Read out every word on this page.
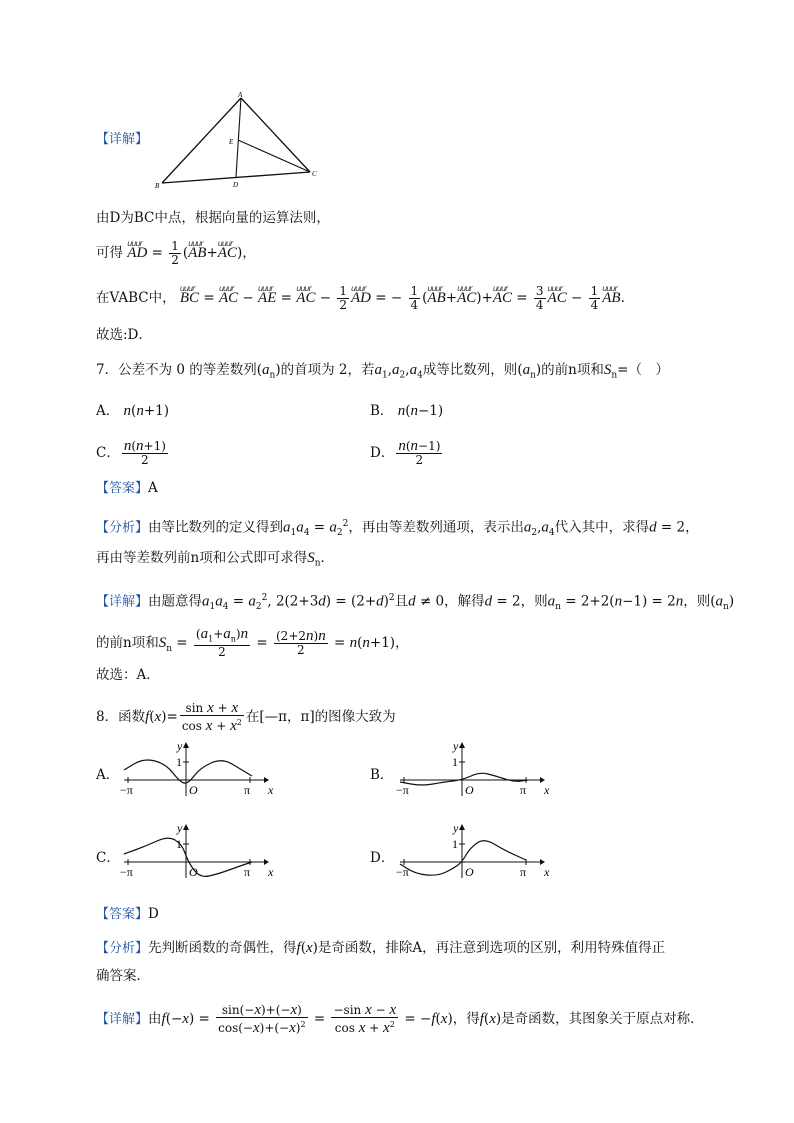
【详解】
A
B
C
D
E
由D为BC中点，根据向量的运算法则，
可得 uuur AD = $\frac{1}{2}$ (uuur AB+uuur AC)，
在VABC中， uuur BC = uuur AC − uuur AE = uuur AC − $\frac{1}{2}$ uuur AD = − $\frac{1}{4}$ (uuur AB+uuur AC)+uuur AC = $\frac{3}{4}$ uuur AC − $\frac{1}{4}$ uuur AB.
故选:D．
7．公差不为 0 的等差数列$(a_n)$的首项为 2，若$a_1,a_2,a_4$成等比数列，则$(a_n)$的前n项和$S_n=$（　）
A． n(n+1)	B． n(n−1)
C． $\frac{n(n+1)}{2}$	D． $\frac{n(n-1)}{2}$
【答案】A
【分析】由等比数列的定义得到$a_1a_4 = a_2^2$，再由等差数列通项，表示出$a_2,a_4$代入其中，求得d = 2，
再由等差数列前n项和公式即可求得$S_n$．
【详解】由题意得$a_1a_4 = a_2^2$, $2(2+3d) = (2+d)^2$且d ≠ 0，解得d = 2，则$a_n = 2+2(n-1) = 2n$，则$(a_n)$
的前n项和$S_n = \frac{(a_1+a_n)n}{2} = \frac{(2+2n)n}{2} = n(n+1)$，
故选：A．
8．函数$f(x)= \frac{\text{sin x + x}}{\cos x + x^2}$ 在[—π，π]的图像大致为
A．
y
x
1
O
−π	π
B．
y
x
1
O
−π	π
C．
y
x
1
O
−π	π
D．
y
x
1
O
−π	π
【答案】D
【分析】先判断函数的奇偶性，得f(x)是奇函数，排除A，再注意到选项的区别，利用特殊值得正
确答案．
【详解】由$f(-x) = \frac{\sin(-x)+(-x)}{\cos(-x)+(-x)^2} = \frac{\text{−sin x − x}}{\cos x + x^2} = -f(x)$，得f(x)是奇函数，其图象关于原点对称．
